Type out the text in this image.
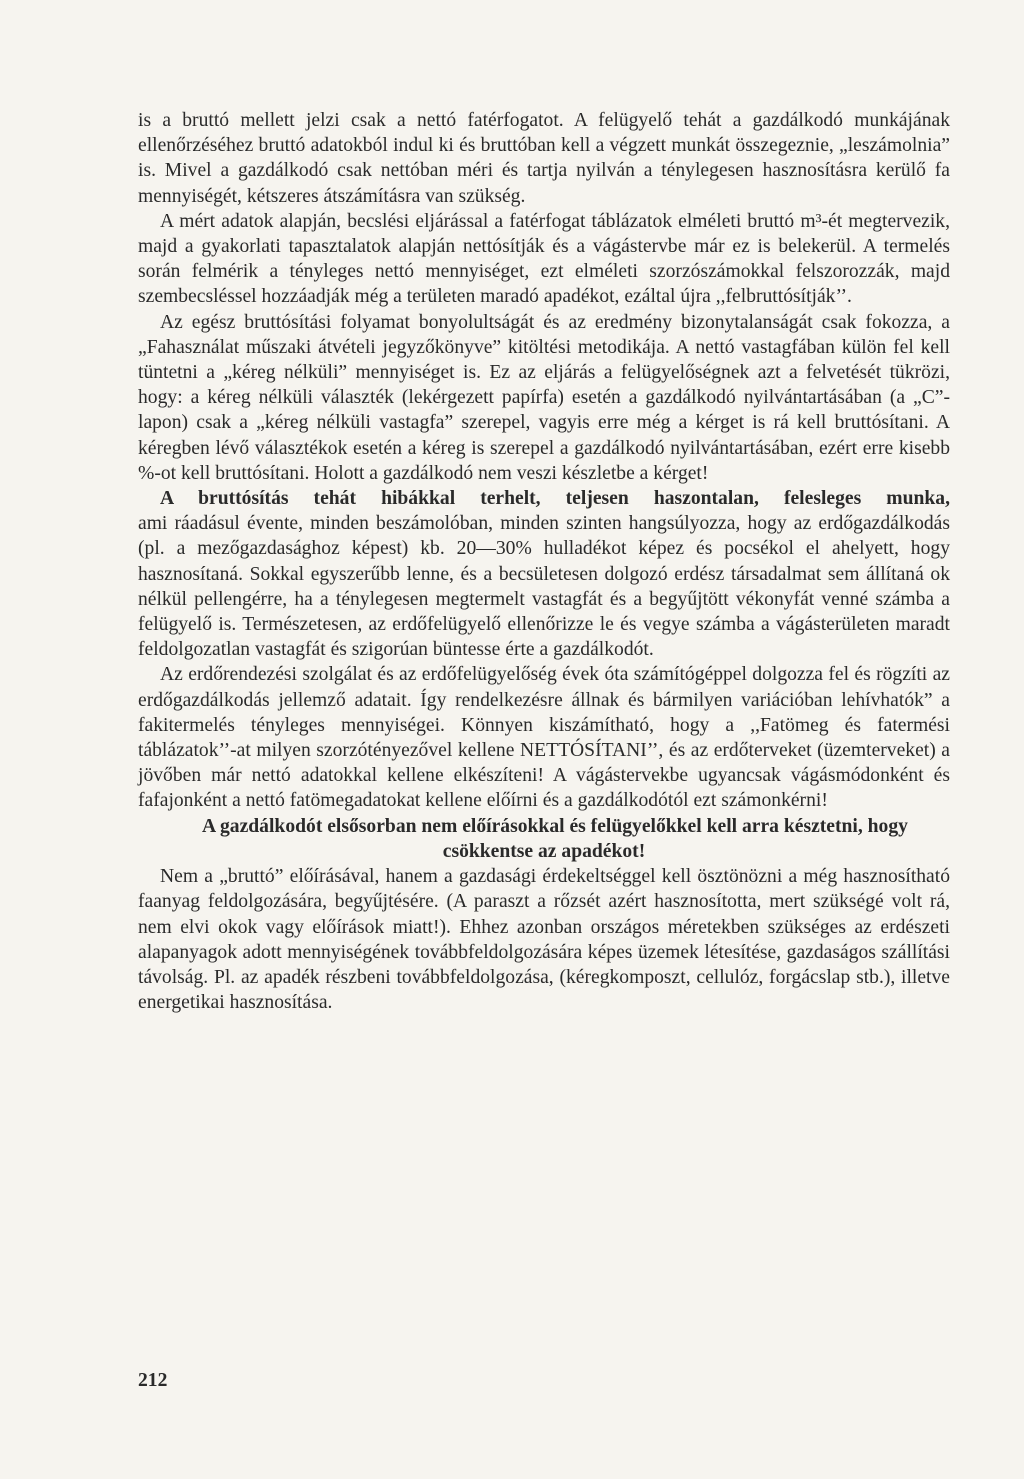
is a bruttó mellett jelzi csak a nettó fatérfogatot. A felügyelő tehát a gazdálkodó munkájának ellenőrzéséhez bruttó adatokból indul ki és bruttóban kell a végzett munkát összegeznie, „leszámolnia” is. Mivel a gazdálkodó csak nettóban méri és tartja nyilván a ténylegesen hasznosításra kerülő fa mennyiségét, kétszeres átszámításra van szükség.

A mért adatok alapján, becslési eljárással a fatérfogat táblázatok elméleti bruttó m³-ét megtervezik, majd a gyakorlati tapasztalatok alapján nettósítják és a vágástervbe már ez is belekerül. A termelés során felmérik a tényleges nettó mennyiséget, ezt elméleti szorzószámokkal felszorozzák, majd szembecsléssel hozzáadják még a területen maradó apadékot, ezáltal újra ,,felbruttósítják’’.

Az egész bruttósítási folyamat bonyolultságát és az eredmény bizonytalanságát csak fokozza, a „Fahasználat műszaki átvételi jegyzőkönyve” kitöltési metodikája. A nettó vastagfában külön fel kell tüntetni a „kéreg nélküli” mennyiséget is. Ez az eljárás a felügyelőségnek azt a felvetését tükrözi, hogy: a kéreg nélküli választék (lekérgezett papírfa) esetén a gazdálkodó nyilvántartásában (a „C”-lapon) csak a „kéreg nélküli vastagfa” szerepel, vagyis erre még a kérget is rá kell bruttósítani. A kéregben lévő választékok esetén a kéreg is szerepel a gazdálkodó nyilvántartásában, ezért erre kisebb %-ot kell bruttósítani. Holott a gazdálkodó nem veszi készletbe a kérget!

A bruttósítás tehát hibákkal terhelt, teljesen haszontalan, felesleges munka,

ami ráadásul évente, minden beszámolóban, minden szinten hangsúlyozza, hogy az erdőgazdálkodás (pl. a mezőgazdasághoz képest) kb. 20—30% hulladékot képez és pocsékol el ahelyett, hogy hasznosítaná. Sokkal egyszerűbb lenne, és a becsületesen dolgozó erdész társadalmat sem állítaná ok nélkül pellengérre, ha a ténylegesen megtermelt vastagfát és a begyűjtött vékonyfát venné számba a felügyelő is. Természetesen, az erdőfelügyelő ellenőrizze le és vegye számba a vágásterületen maradt feldolgozatlan vastagfát és szigorúan büntesse érte a gazdálkodót.

Az erdőrendezési szolgálat és az erdőfelügyelőség évek óta számítógéppel dolgozza fel és rögzíti az erdőgazdálkodás jellemző adatait. Így rendelkezésre állnak és bármilyen variációban lehívhatók” a fakitermelés tényleges mennyiségei. Könnyen kiszámítható, hogy a ,,Fatömeg és fatermési táblázatok’’-at milyen szorzótényezővel kellene NETTÓSÍTANI’’, és az erdőterveket (üzemterveket) a jövőben már nettó adatokkal kellene elkészíteni! A vágástervekbe ugyancsak vágásmódonként és fafajonként a nettó fatömegadatokat kellene előírni és a gazdálkodótól ezt számonkérni!

A gazdálkodót elsősorban nem előírásokkal és felügyelőkkel kell arra késztetni, hogy csökkentse az apadékot!

Nem a „bruttó” előírásával, hanem a gazdasági érdekeltséggel kell ösztönözni a még hasznosítható faanyag feldolgozására, begyűjtésére. (A paraszt a rőzsét azért hasznosította, mert szükségé volt rá, nem elvi okok vagy előírások miatt!). Ehhez azonban országos méretekben szükséges az erdészeti alapanyagok adott mennyiségének továbbfeldolgozására képes üzemek létesítése, gazdaságos szállítási távolság. Pl. az apadék részbeni továbbfeldolgozása, (kéregkomposzt, cellulóz, forgácslap stb.), illetve energetikai hasznosítása.

212
